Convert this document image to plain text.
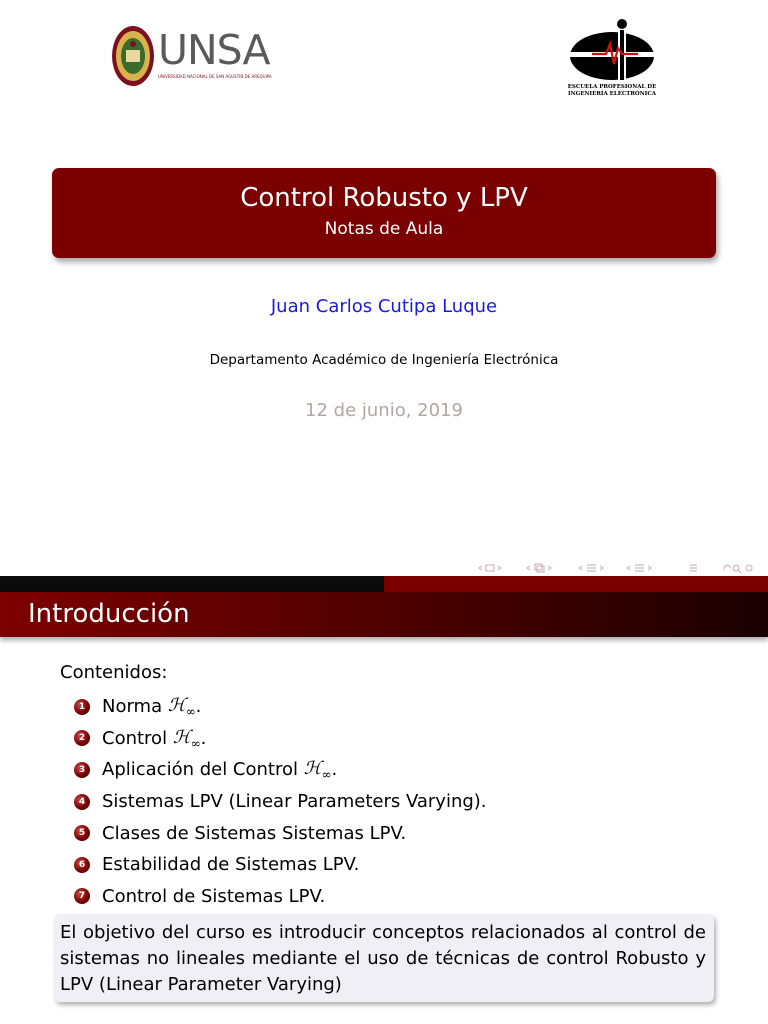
UNSA
UNIVERSIDAD NACIONAL DE SAN AGUSTIN DE AREQUIPA
ESCUELA PROFESIONAL DE
INGENIERÍA ELECTRÓNICA
Control Robusto y LPV
Notas de Aula
Juan Carlos Cutipa Luque
Departamento Académico de Ingeniería Electrónica
12 de junio, 2019
Introducción
Contenidos:
1 Norma
ℋ$_\infty$ .
2 Control
ℋ$_\infty$ .
3 Aplicación del Control
ℋ$_\infty$ .
4 Sistemas LPV (Linear Parameters Varying).
5 Clases de Sistemas Sistemas LPV.
6 Estabilidad de Sistemas LPV.
7 Control de Sistemas LPV.
El objetivo del curso es introducir conceptos relacionados al control de sistemas no lineales mediante el uso de técnicas de control Robusto y LPV (Linear Parameter Varying)
